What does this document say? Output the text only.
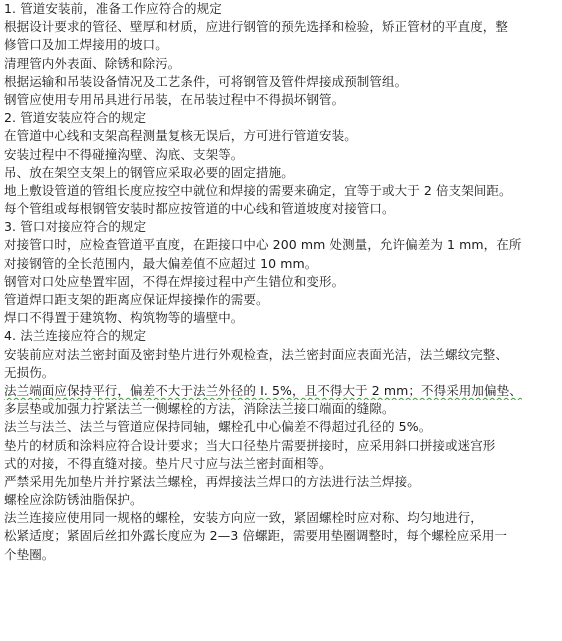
1. 管道安装前，准备工作应符合的规定
根据设计要求的管径、壁厚和材质，应进行钢管的预先选择和检验，矫正管材的平直度，整
修管口及加工焊接用的坡口。
清理管内外表面、除锈和除污。
根据运输和吊装设备情况及工艺条件，可将钢管及管件焊接成预制管组。
钢管应使用专用吊具进行吊装，在吊装过程中不得损坏钢管。
2. 管道安装应符合的规定
在管道中心线和支架高程测量复核无误后，方可进行管道安装。
安装过程中不得碰撞沟壁、沟底、支架等。
吊、放在架空支架上的钢管应采取必要的固定措施。
地上敷设管道的管组长度应按空中就位和焊接的需要来确定，宜等于或大于 2 倍支架间距。
每个管组或每根钢管安装时都应按管道的中心线和管道坡度对接管口。
3. 管口对接应符合的规定
对接管口时，应检查管道平直度，在距接口中心 200 mm 处测量，允许偏差为 1 mm，在所
对接钢管的全长范围内，最大偏差值不应超过 10 mm。
钢管对口处应垫置牢固，不得在焊接过程中产生错位和变形。
管道焊口距支架的距离应保证焊接操作的需要。
焊口不得置于建筑物、构筑物等的墙壁中。
4. 法兰连接应符合的规定
安装前应对法兰密封面及密封垫片进行外观检查，法兰密封面应表面光洁，法兰螺纹完整、
无损伤。
法兰端面应保持平行，偏差不大于法兰外径的 I. 5%，且不得大于 2 mm；不得采用加偏垫、
多层垫或加强力拧紧法兰一侧螺栓的方法，消除法兰接口端面的缝隙。
法兰与法兰、法兰与管道应保持同轴，螺栓孔中心偏差不得超过孔径的 5%。
垫片的材质和涂料应符合设计要求；当大口径垫片需要拼接时，应采用斜口拼接或迷宫形
式的对接，不得直缝对接。垫片尺寸应与法兰密封面相等。
严禁采用先加垫片并拧紧法兰螺栓，再焊接法兰焊口的方法进行法兰焊接。
螺栓应涂防锈油脂保护。
法兰连接应使用同一规格的螺栓，安装方向应一致，紧固螺栓时应对称、均匀地进行，
松紧适度；紧固后丝扣外露长度应为 2—3 倍螺距，需要用垫圈调整时，每个螺栓应采用一
个垫圈。
